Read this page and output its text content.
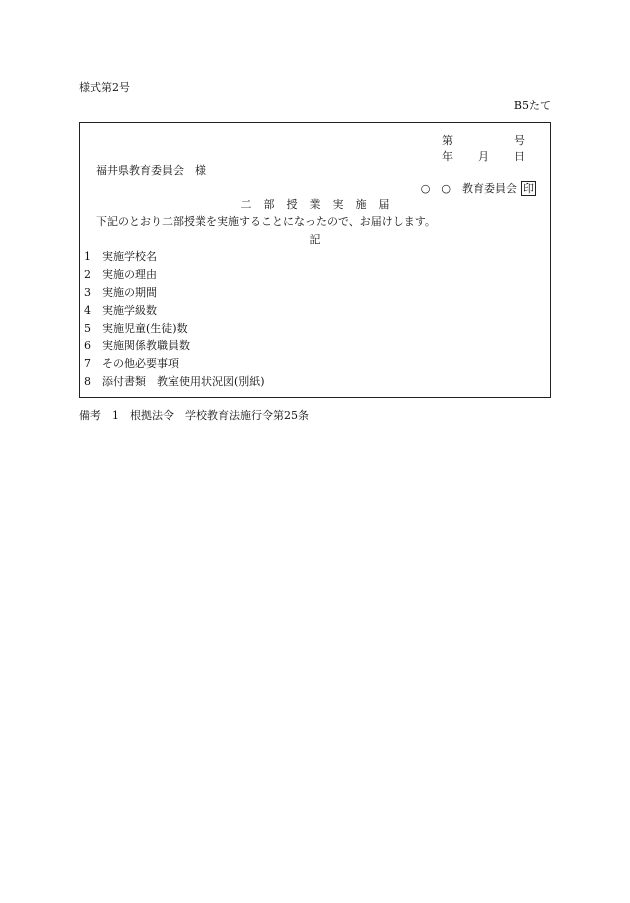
様式第2号
B5たて
第	号
年 月 日
福井県教育委員会　様
○　○　教育委員会 印
二部授業実施届
下記のとおり二部授業を実施することになったので、お届けします。
記
1 実施学校名
2 実施の理由
3 実施の期間
4 実施学級数
5 実施児童(生徒)数
6 実施関係教職員数
7 その他必要事項
8 添付書類　教室使用状況図(別紙)
備考　1　根拠法令　学校教育法施行令第25条
